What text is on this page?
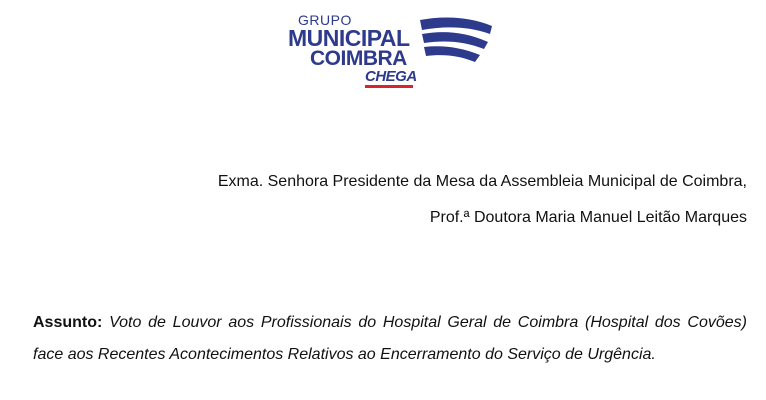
GRUPO
MUNICIPAL
COIMBRA
CHEGA
Exma. Senhora Presidente da Mesa da Assembleia Municipal de Coimbra,
Prof.ª Doutora Maria Manuel Leitão Marques
Assunto: Voto de Louvor aos Profissionais do Hospital Geral de Coimbra (Hospital dos Covões) face aos Recentes Acontecimentos Relativos ao Encerramento do Serviço de Urgência.
